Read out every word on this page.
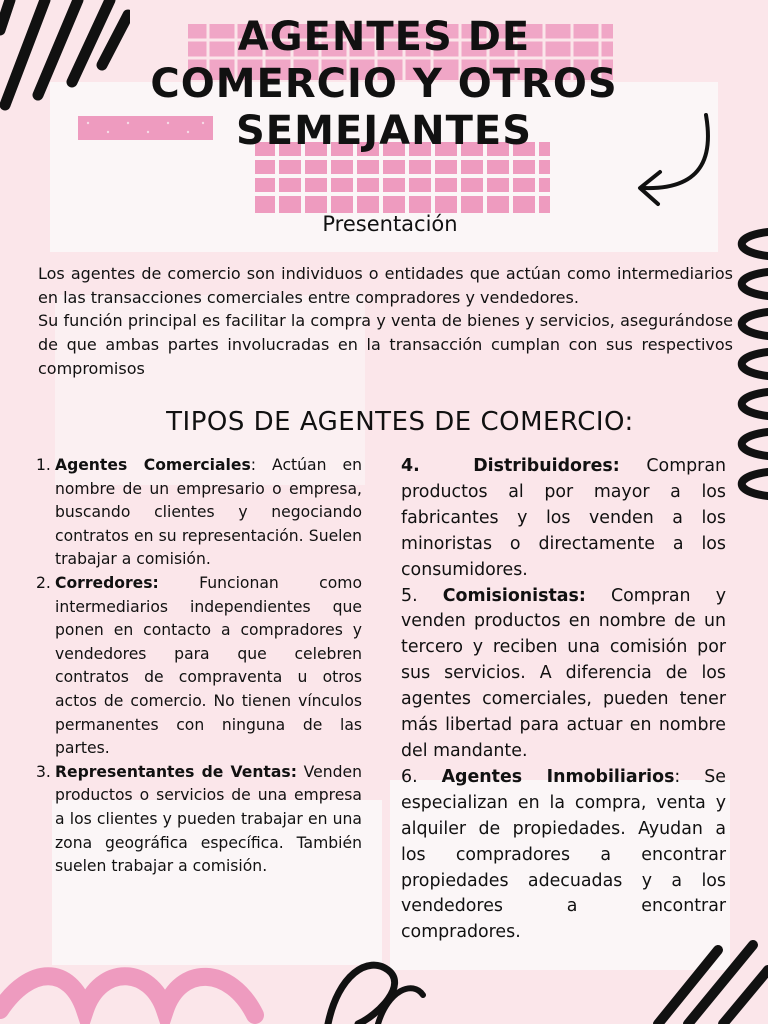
AGENTES DE
COMERCIO Y OTROS
SEMEJANTES
Presentación

Los agentes de comercio son individuos o entidades que actúan como intermediarios en las transacciones comerciales entre compradores y vendedores.

Su función principal es facilitar la compra y venta de bienes y servicios, asegurándose de que ambas partes involucradas en la transacción cumplan con sus respectivos compromisos

TIPOS DE AGENTES DE COMERCIO:
1. Agentes Comerciales: Actúan en nombre de un empresario o empresa, buscando clientes y negociando contratos en su representación. Suelen trabajar a comisión.
2. Corredores: Funcionan como intermediarios independientes que ponen en contacto a compradores y vendedores para que celebren contratos de compraventa u otros actos de comercio. No tienen vínculos permanentes con ninguna de las partes.
3. Representantes de Ventas: Venden productos o servicios de una empresa a los clientes y pueden trabajar en una zona geográfica específica. También suelen trabajar a comisión.
4.	Distribuidores: Compran productos al por mayor a los fabricantes y los venden a los minoristas o directamente a los consumidores.
5. Comisionistas: Compran y venden productos en nombre de un tercero y reciben una comisión por sus servicios. A diferencia de los agentes comerciales, pueden tener más libertad para actuar en nombre del mandante.
6. Agentes Inmobiliarios: Se especializan en la compra, venta y alquiler de propiedades. Ayudan a los compradores a encontrar propiedades adecuadas y a los vendedores a encontrar compradores.
